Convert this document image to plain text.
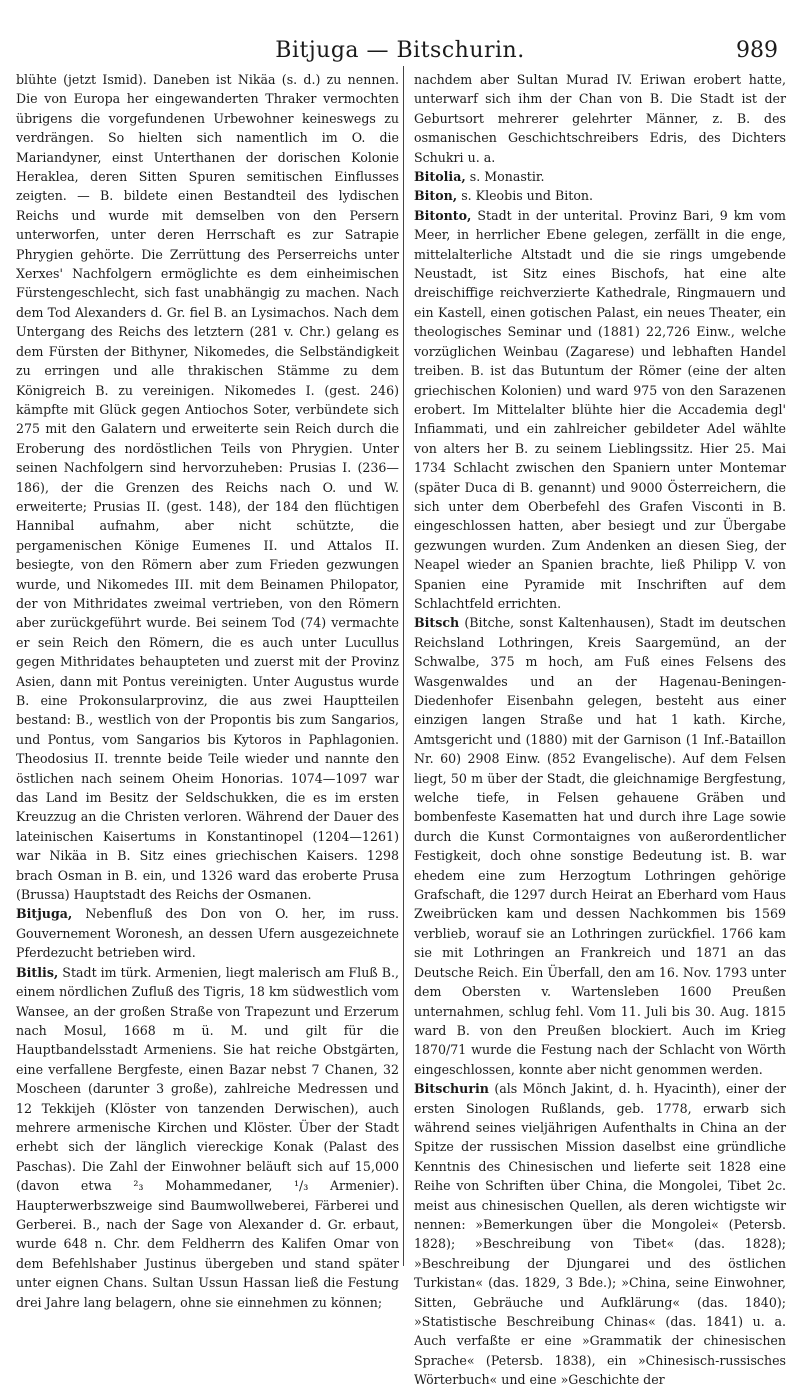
Bitjuga — Bitschurin.	989

blühte (jetzt Ismid). Daneben ist Nikäa (s. d.) zu nennen. Die von Europa her eingewanderten Thraker vermochten übrigens die vorgefundenen Urbewohner keineswegs zu verdrängen. So hielten sich namentlich im O. die Mariandyner, einst Unterthanen der dorischen Kolonie Herakleа, deren Sitten Spuren semitischen Einflusses zeigten. — B. bildete einen Bestandteil des lydischen Reichs und wurde mit demselben von den Persern unterworfen, unter deren Herrschaft es zur Satrapie Phrygien gehörte. Die Zerrüttung des Perserreichs unter Xerxes' Nachfolgern ermöglichte es dem einheimischen Fürstengeschlecht, sich fast unabhängig zu machen. Nach dem Tod Alexanders d. Gr. fiel B. an Lysimachos. Nach dem Untergang des Reichs des letztern (281 v. Chr.) gelang es dem Fürsten der Bithyner, Nikomedes, die Selbständigkeit zu erringen und alle thrakischen Stämme zu dem Königreich B. zu vereinigen. Nikomedes I. (gest. 246) kämpfte mit Glück gegen Antiochos Soter, verbündete sich 275 mit den Galatern und erweiterte sein Reich durch die Eroberung des nordöstlichen Teils von Phrygien. Unter seinen Nachfolgern sind hervorzuheben: Prusias I. (236—186), der die Grenzen des Reichs nach O. und W. erweiterte; Prusias II. (gest. 148), der 184 den flüchtigen Hannibal aufnahm, aber nicht schützte, die pergamenischen Könige Eumenes II. und Attalos II. besiegte, von den Römern aber zum Frieden gezwungen wurde, und Nikomedes III. mit dem Beinamen Philopator, der von Mithridates zweimal vertrieben, von den Römern aber zurückgeführt wurde. Bei seinem Tod (74) vermachte er sein Reich den Römern, die es auch unter Lucullus gegen Mithridates behaupteten und zuerst mit der Provinz Asien, dann mit Pontus vereinigten. Unter Augustus wurde B. eine Prokonsularprovinz, die aus zwei Hauptteilen bestand: B., westlich von der Propontis bis zum Sangarios, und Pontus, vom Sangarios bis Kytoros in Paphlagonien. Theodosius II. trennte beide Teile wieder und nannte den östlichen nach seinem Oheim Honorias. 1074—1097 war das Land im Besitz der Seldschukken, die es im ersten Kreuzzug an die Christen verloren. Während der Dauer des lateinischen Kaisertums in Konstantinopel (1204—1261) war Nikäa in B. Sitz eines griechischen Kaisers. 1298 brach Osman in B. ein, und 1326 ward das eroberte Prusa (Brussa) Hauptstadt des Reichs der Osmanen.

Bitjuga, Nebenfluß des Don von O. her, im russ. Gouvernement Woronesh, an dessen Ufern ausgezeichnete Pferdezucht betrieben wird.

Bitlis, Stadt im türk. Armenien, liegt malerisch am Fluß B., einem nördlichen Zufluß des Tigris, 18 km südwestlich vom Wansee, an der großen Straße von Trapezunt und Erzerum nach Mosul, 1668 m ü. M. und gilt für die Hauptbandelsstadt Armeniens. Sie hat reiche Obstgärten, eine verfallene Bergfeste, einen Bazar nebst 7 Chanen, 32 Moscheen (darunter 3 große), zahlreiche Medressen und 12 Tekkijeh (Klöster von tanzenden Derwischen), auch mehrere armenische Kirchen und Klöster. Über der Stadt erhebt sich der länglich viereckige Konak (Palast des Paschas). Die Zahl der Einwohner beläuft sich auf 15,000 (davon etwa ²₃ Mohammedaner, ¹/₃ Armenier). Haupterwerbszweige sind Baumwollweberei, Färberei und Gerberei. B., nach der Sage von Alexander d. Gr. erbaut, wurde 648 n. Chr. dem Feldherrn des Kalifen Omar von dem Befehlshaber Justinus übergeben und stand später unter eignen Chans. Sultan Ussun Hassan ließ die Festung drei Jahre lang belagern, ohne sie einnehmen zu können;

nachdem aber Sultan Murad IV. Eriwan erobert hatte, unterwarf sich ihm der Chan von B. Die Stadt ist der Geburtsort mehrerer gelehrter Männer, z. B. des osmanischen Geschichtschreibers Edris, des Dichters Schukri u. a.

Bitolia, s. Monastir.

Biton, s. Kleobis und Biton.

Bitonto, Stadt in der unterital. Provinz Bari, 9 km vom Meer, in herrlicher Ebene gelegen, zerfällt in die enge, mittelalterliche Altstadt und die sie rings umgebende Neustadt, ist Sitz eines Bischofs, hat eine alte dreischiffige reichverzierte Kathedrale, Ringmauern und ein Kastell, einen gotischen Palast, ein neues Theater, ein theologisches Seminar und (1881) 22,726 Einw., welche vorzüglichen Weinbau (Zagarese) und lebhaften Handel treiben. B. ist das Butuntum der Römer (eine der alten griechischen Kolonien) und ward 975 von den Sarazenen erobert. Im Mittelalter blühte hier die Accademia degl' Infiammati, und ein zahlreicher gebildeter Adel wählte von alters her B. zu seinem Lieblingssitz. Hier 25. Mai 1734 Schlacht zwischen den Spaniern unter Montemar (später Duca di B. genannt) und 9000 Österreichern, die sich unter dem Oberbefehl des Grafen Visconti in B. eingeschlossen hatten, aber besiegt und zur Übergabe gezwungen wurden. Zum Andenken an diesen Sieg, der Neapel wieder an Spanien brachte, ließ Philipp V. von Spanien eine Pyramide mit Inschriften auf dem Schlachtfeld errichten.

Bitsch (Bitche, sonst Kaltenhausen), Stadt im deutschen Reichsland Lothringen, Kreis Saargemünd, an der Schwalbe, 375 m hoch, am Fuß eines Felsens des Wasgenwaldes und an der Hagenau-Beningen-Diedenhofer Eisenbahn gelegen, besteht aus einer einzigen langen Straße und hat 1 kath. Kirche, Amtsgericht und (1880) mit der Garnison (1 Inf.-Bataillon Nr. 60) 2908 Einw. (852 Evangelische). Auf dem Felsen liegt, 50 m über der Stadt, die gleichnamige Bergfestung, welche tiefe, in Felsen gehauene Gräben und bombenfeste Kasematten hat und durch ihre Lage sowie durch die Kunst Cormontaignes von außerordentlicher Festigkeit, doch ohne sonstige Bedeutung ist. B. war ehedem eine zum Herzogtum Lothringen gehörige Grafschaft, die 1297 durch Heirat an Eberhard vom Haus Zweibrücken kam und dessen Nachkommen bis 1569 verblieb, worauf sie an Lothringen zurückfiel. 1766 kam sie mit Lothringen an Frankreich und 1871 an das Deutsche Reich. Ein Überfall, den am 16. Nov. 1793 unter dem Obersten v. Wartensleben 1600 Preußen unternahmen, schlug fehl. Vom 11. Juli bis 30. Aug. 1815 ward B. von den Preußen blockiert. Auch im Krieg 1870/71 wurde die Festung nach der Schlacht von Wörth eingeschlossen, konnte aber nicht genommen werden.

Bitschurin (als Mönch Jakint, d. h. Hyacinth), einer der ersten Sinologen Rußlands, geb. 1778, erwarb sich während seines vieljährigen Aufenthalts in China an der Spitze der russischen Mission daselbst eine gründliche Kenntnis des Chinesischen und lieferte seit 1828 eine Reihe von Schriften über China, die Mongolei, Tibet 2c. meist aus chinesischen Quellen, als deren wichtigste wir nennen: »Bemerkungen über die Mongolei« (Petersb. 1828); »Beschreibung von Tibet« (das. 1828); »Beschreibung der Djungarei und des östlichen Turkistan« (das. 1829, 3 Bde.); »China, seine Einwohner, Sitten, Gebräuche und Aufklärung« (das. 1840); »Statistische Beschreibung Chinas« (das. 1841) u. a. Auch verfaßte er eine »Grammatik der chinesischen Sprache« (Petersb. 1838), ein »Chinesisch-russisches Wörterbuch« und eine »Geschichte der
